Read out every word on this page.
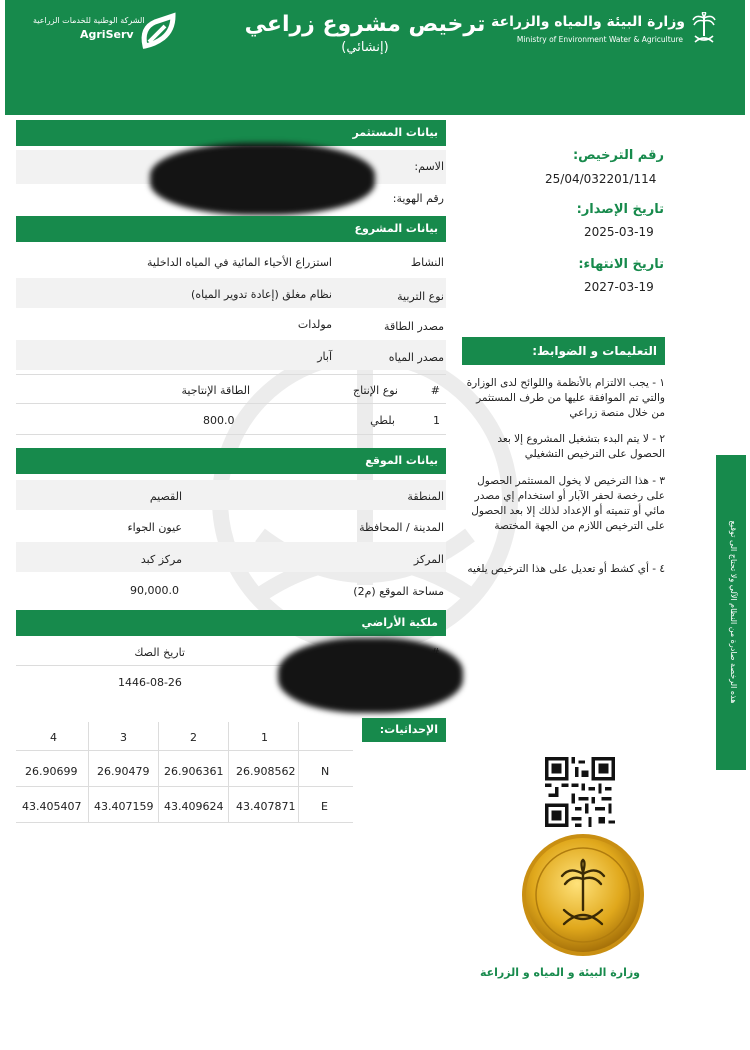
وزارة البيئة والمياه والزراعة
Ministry of Environment Water & Agriculture
ترخيص مشروع زراعي
(إنشائي)
الشركة الوطنية للخدمات الزراعية
AgriServ
بيانات المستثمر
الاسم:
رقم الهوية:
بيانات المشروع
النشاط
استزراع الأحياء المائية في المياه الداخلية
نوع التربية
نظام مغلق (إعادة تدوير المياه)
مصدر الطاقة
مولدات
مصدر المياه
آبار
#
نوع الإنتاج
الطاقة الإنتاجية
1
بلطي
800.0
بيانات الموقع
المنطقة
القصيم
المدينة / المحافظة
عيون الجواء
المركز
مركز كبد
مساحة الموقع (م2)
90,000.0
ملكية الأراضي
تاريخ الصك
1446-08-26
الإحداثيات:
4	3	2	1
26.90699 26.90479 26.906361 26.908562 N
43.405407 43.407159 43.409624 43.407871 E
رقم الترخيص:
25/04/032201/114
تاريخ الإصدار:
2025-03-19
تاريخ الانتهاء:
2027-03-19
التعليمات و الضوابط:
١ - يجب الالتزام بالأنظمة واللوائح لدى الوزارة والتي تم الموافقة عليها من طرف المستثمر من خلال منصة زراعي
٢ - لا يتم البدء بتشغيل المشروع إلا بعد الحصول على الترخيص التشغيلي
٣ - هذا الترخيص لا يخول المستثمر الحصول على رخصة لحفر الآبار أو استخدام إي مصدر مائي أو تنميته أو الإعداد لذلك إلا بعد الحصول على الترخيص اللازم من الجهة المختصة
٤ - أي كشط أو تعديل على هذا الترخيص يلغيه	هذه الرخصة صادرة من النظام الآلي ولا تحتاج الى توقيع
وزارة البيئة و المياه و الزراعة
